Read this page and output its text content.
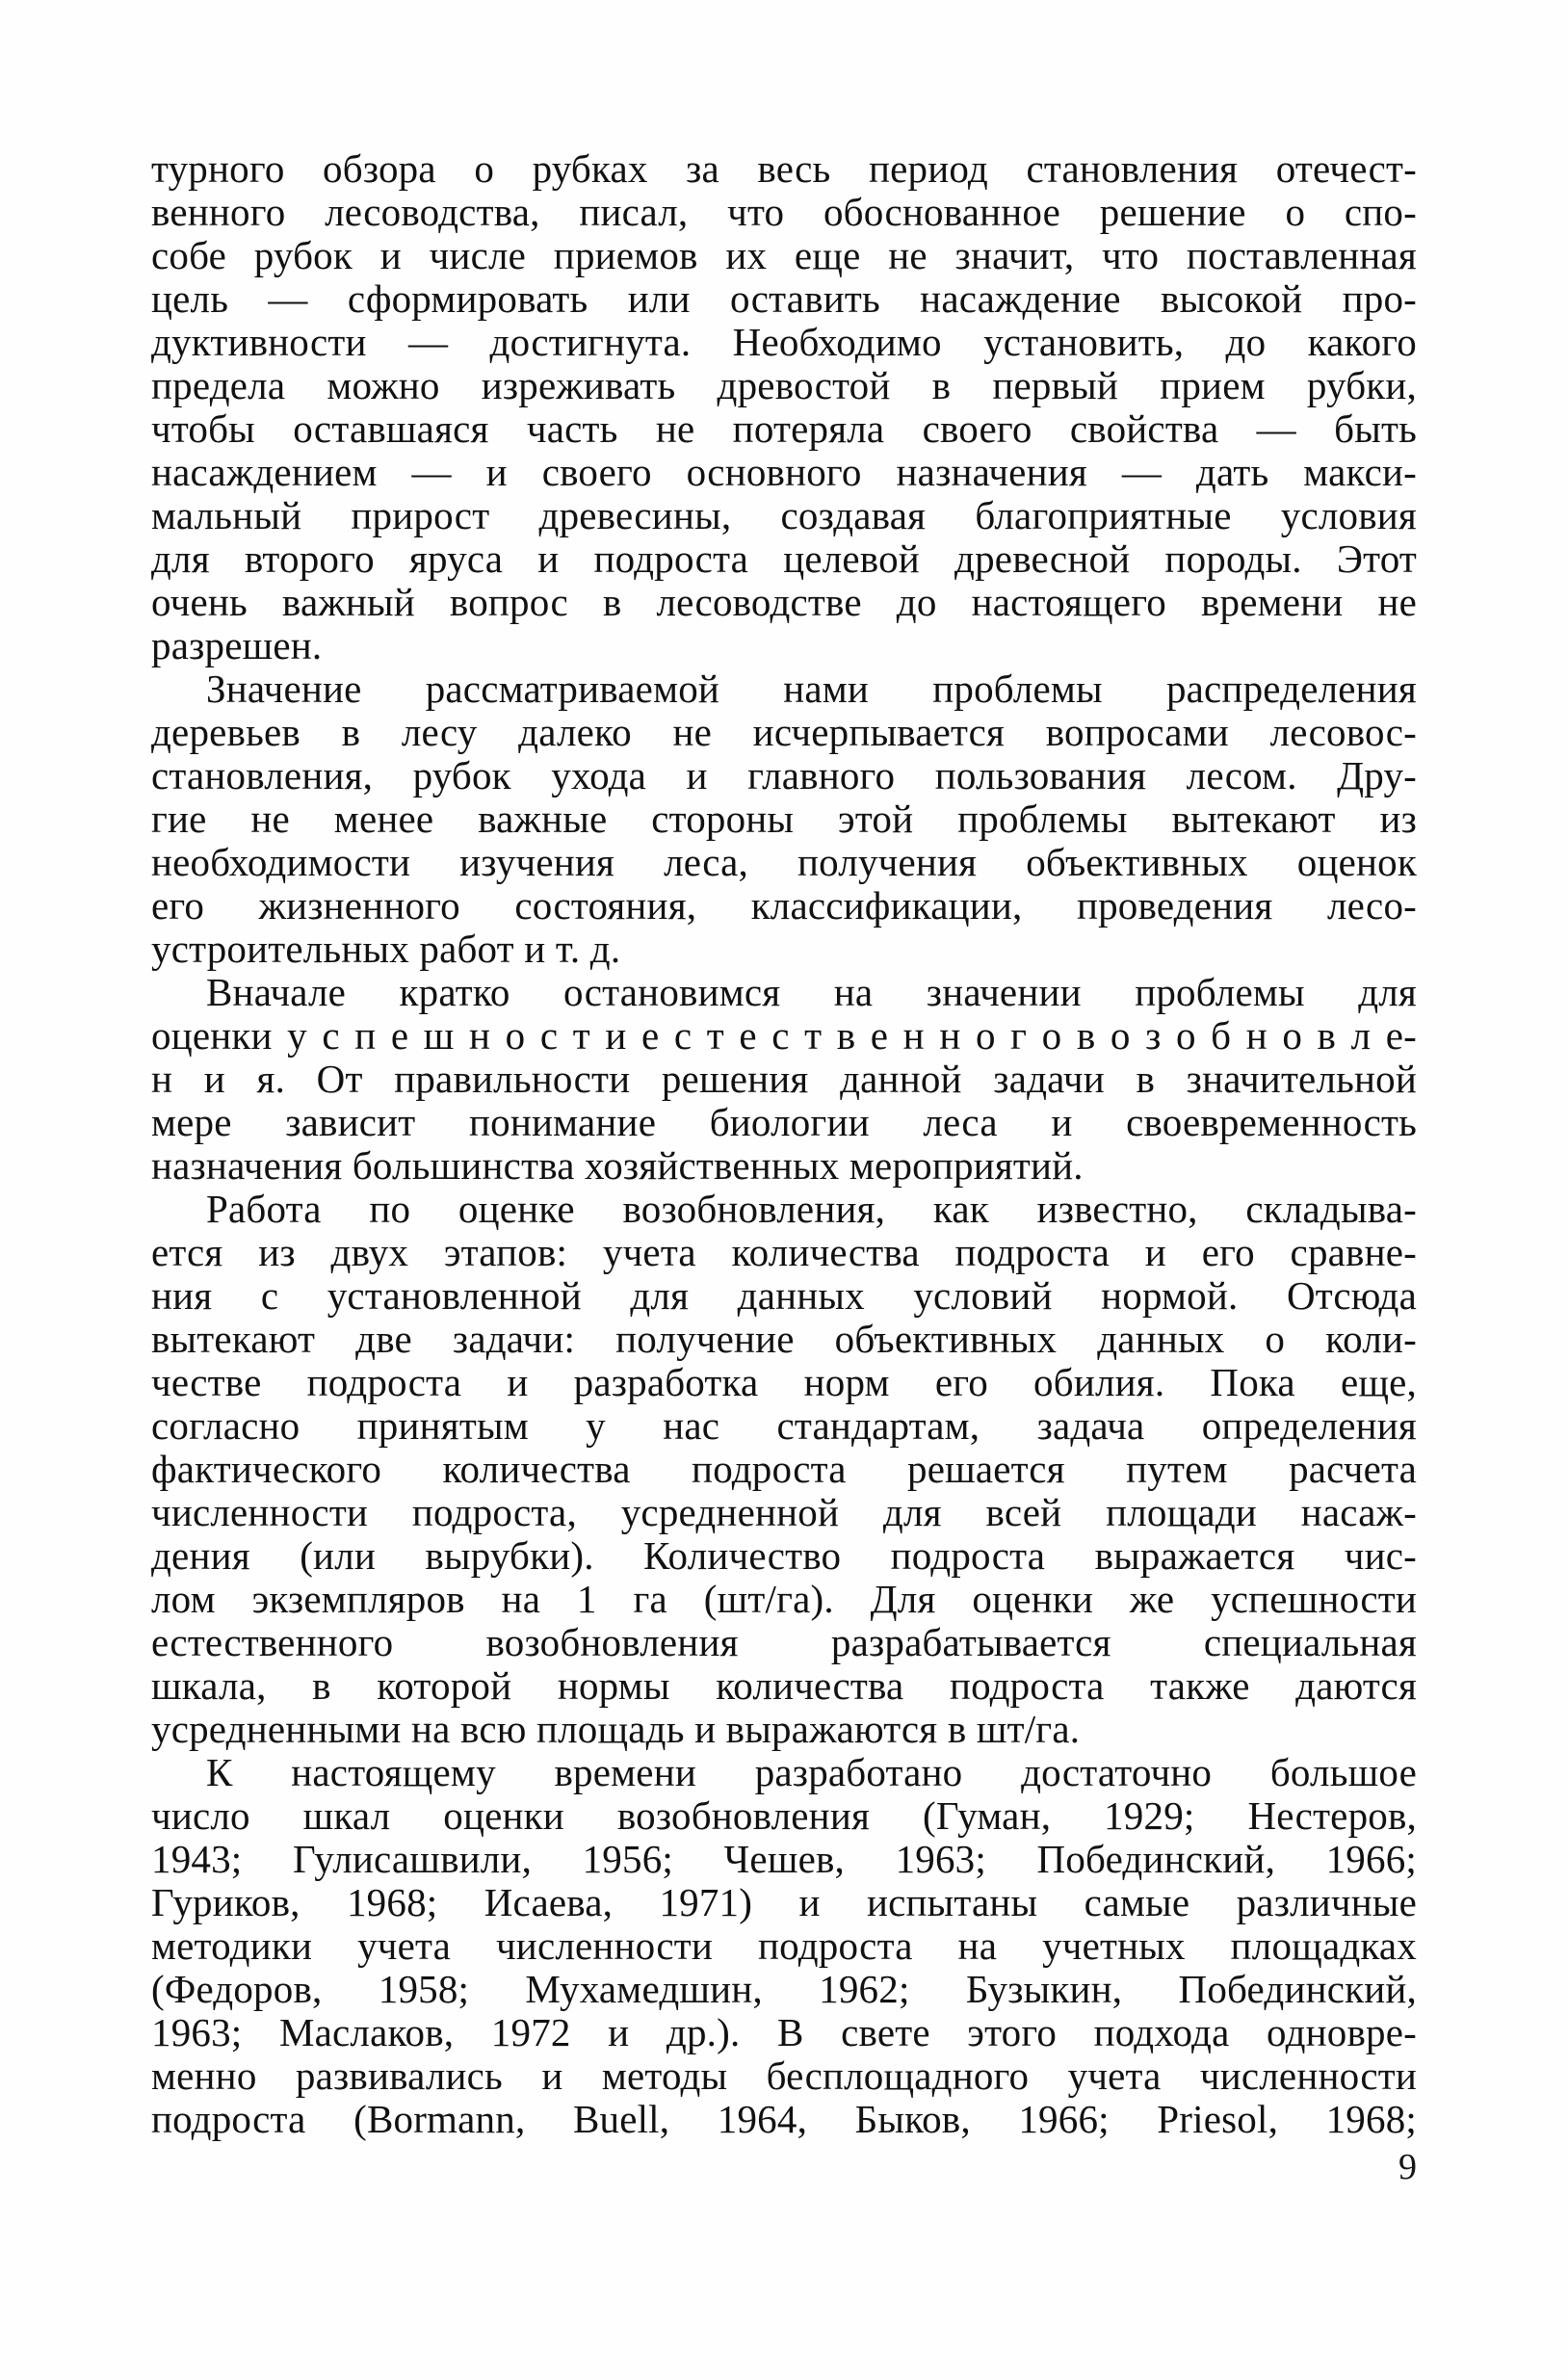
турного обзора о рубках за весь период становления отечест-
венного лесоводства, писал, что обоснованное решение о спо-
собе рубок и числе приемов их еще не значит, что поставленная
цель — сформировать или оставить насаждение высокой про-
дуктивности — достигнута. Необходимо установить, до какого
предела можно изреживать древостой в первый прием рубки,
чтобы оставшаяся часть не потеряла своего свойства — быть
насаждением — и своего основного назначения — дать макси-
мальный прирост древесины, создавая благоприятные условия
для второго яруса и подроста целевой древесной породы. Этот
очень важный вопрос в лесоводстве до настоящего времени не
разрешен.
Значение рассматриваемой нами проблемы распределения
деревьев в лесу далеко не исчерпывается вопросами лесовос-
становления, рубок ухода и главного пользования лесом. Дру-
гие не менее важные стороны этой проблемы вытекают из
необходимости изучения леса, получения объективных оценок
его жизненного состояния, классификации, проведения лесо-
устроительных работ и т. д.
Вначале кратко остановимся на значении проблемы для
оценки у с п е ш н о с т и е с т е с т в е н н о г о в о з о б н о в л е-
н и я. От правильности решения данной задачи в значительной
мере зависит понимание биологии леса и своевременность
назначения большинства хозяйственных мероприятий.
Работа по оценке возобновления, как известно, складыва-
ется из двух этапов: учета количества подроста и его сравне-
ния с установленной для данных условий нормой. Отсюда
вытекают две задачи: получение объективных данных о коли-
честве подроста и разработка норм его обилия. Пока еще,
согласно принятым у нас стандартам, задача определения
фактического количества подроста решается путем расчета
численности подроста, усредненной для всей площади насаж-
дения (или вырубки). Количество подроста выражается чис-
лом экземпляров на 1 га (шт/га). Для оценки же успешности
естественного возобновления разрабатывается специальная
шкала, в которой нормы количества подроста также даются
усредненными на всю площадь и выражаются в шт/га.
К настоящему времени разработано достаточно большое
число шкал оценки возобновления (Гуман, 1929; Нестеров,
1943; Гулисашвили, 1956; Чешев, 1963; Побединский, 1966;
Гуриков, 1968; Исаева, 1971) и испытаны самые различные
методики учета численности подроста на учетных площадках
(Федоров, 1958; Мухамедшин, 1962; Бузыкин, Побединский,
1963; Маслаков, 1972 и др.). В свете этого подхода одновре-
менно развивались и методы бесплощадного учета численности
подроста (Bormann, Buell, 1964, Быков, 1966; Priesol, 1968;
9
